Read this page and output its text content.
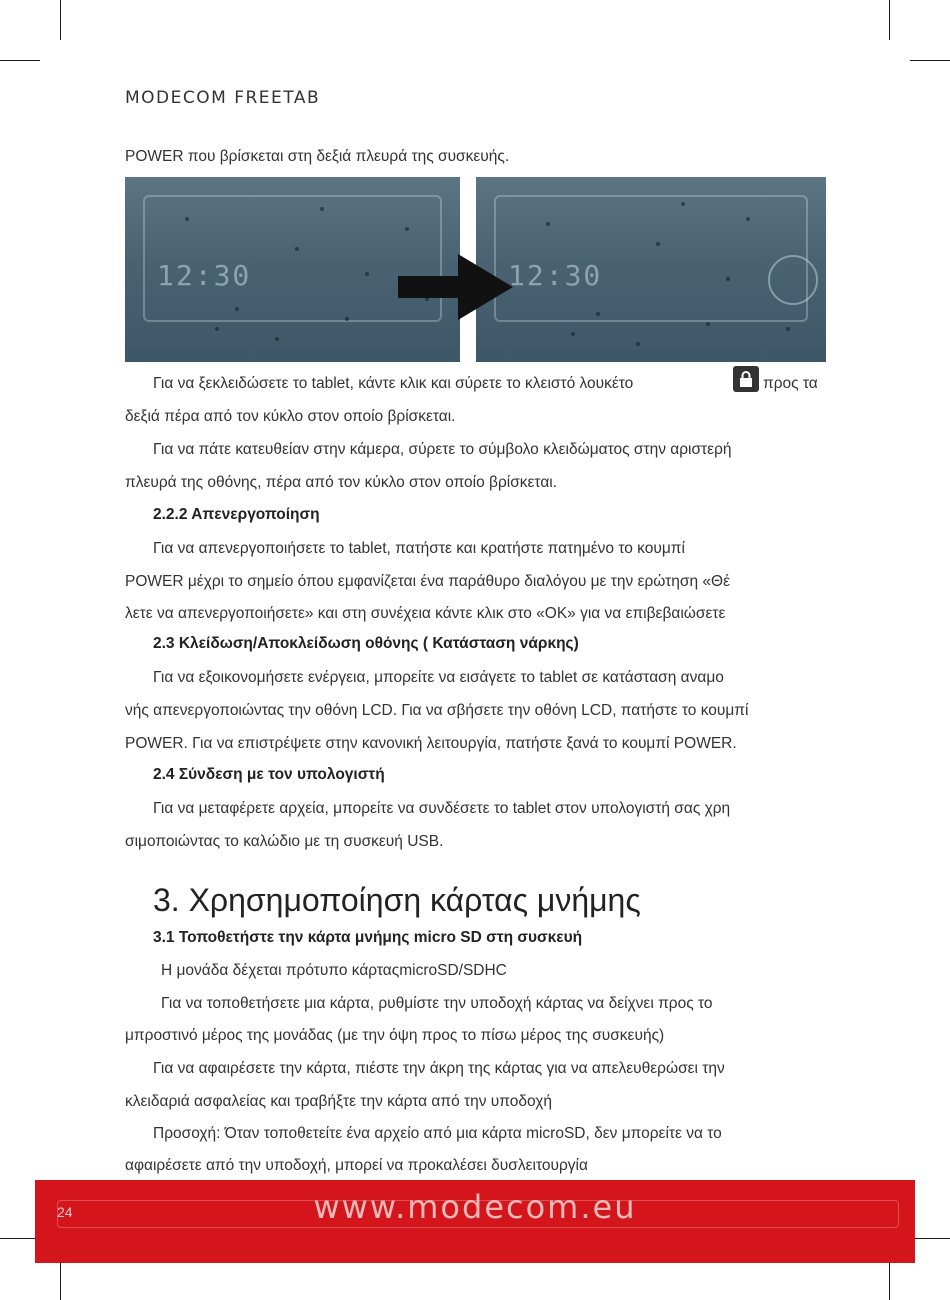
MODECOM FREETAB
POWER που βρίσκεται στη δεξιά πλευρά της συσκευής.
12:30	12:30
Για να ξεκλειδώσετε το tablet, κάντε κλικ και σύρετε το κλειστό λουκέτο	προς τα
δεξιά πέρα από τον κύκλο στον οποίο βρίσκεται.
Για να πάτε κατευθείαν στην κάμερα, σύρετε το σύμβολο κλειδώματος στην αριστερή
πλευρά της οθόνης, πέρα από τον κύκλο στον οποίο βρίσκεται.
2.2.2 Απενεργοποίηση
Για να απενεργοποιήσετε το tablet, πατήστε και κρατήστε πατημένο το κουμπί
POWER μέχρι το σημείο όπου εμφανίζεται ένα παράθυρο διαλόγου με την ερώτηση «Θέ
λετε να απενεργοποιήσετε» και στη συνέχεια κάντε κλικ στο «ΟΚ» για να επιβεβαιώσετε
2.3 Κλείδωση/Αποκλείδωση οθόνης ( Κατάσταση νάρκης)
Για να εξοικονομήσετε ενέργεια, μπορείτε να εισάγετε το tablet σε κατάσταση αναμο
νής απενεργοποιώντας την οθόνη LCD. Για να σβήσετε την οθόνη LCD, πατήστε το κουμπί
POWER. Για να επιστρέψετε στην κανονική λειτουργία, πατήστε ξανά το κουμπί POWER.
2.4 Σύνδεση με τον υπολογιστή
Για να μεταφέρετε αρχεία, μπορείτε να συνδέσετε το tablet στον υπολογιστή σας χρη
σιμοποιώντας το καλώδιο με τη συσκευή USB.
3. Χρησημοποίηση κάρτας μνήμης
3.1 Τοποθετήστε την κάρτα μνήμης micro SD στη συσκευή
Η μονάδα δέχεται πρότυπο κάρταςmicroSD/SDHC
Για να τοποθετήσετε μια κάρτα, ρυθμίστε την υποδοχή κάρτας να δείχνει προς το
μπροστινό μέρος της μονάδας (με την όψη προς το πίσω μέρος της συσκευής)
Για να αφαιρέσετε την κάρτα, πιέστε την άκρη της κάρτας για να απελευθερώσει την
κλειδαριά ασφαλείας και τραβήξτε την κάρτα από την υποδοχή
Προσοχή: Όταν τοποθετείτε ένα αρχείο από μια κάρτα microSD, δεν μπορείτε να το
αφαιρέσετε από την υποδοχή, μπορεί να προκαλέσει δυσλειτουργία
24	www.modecom.eu
